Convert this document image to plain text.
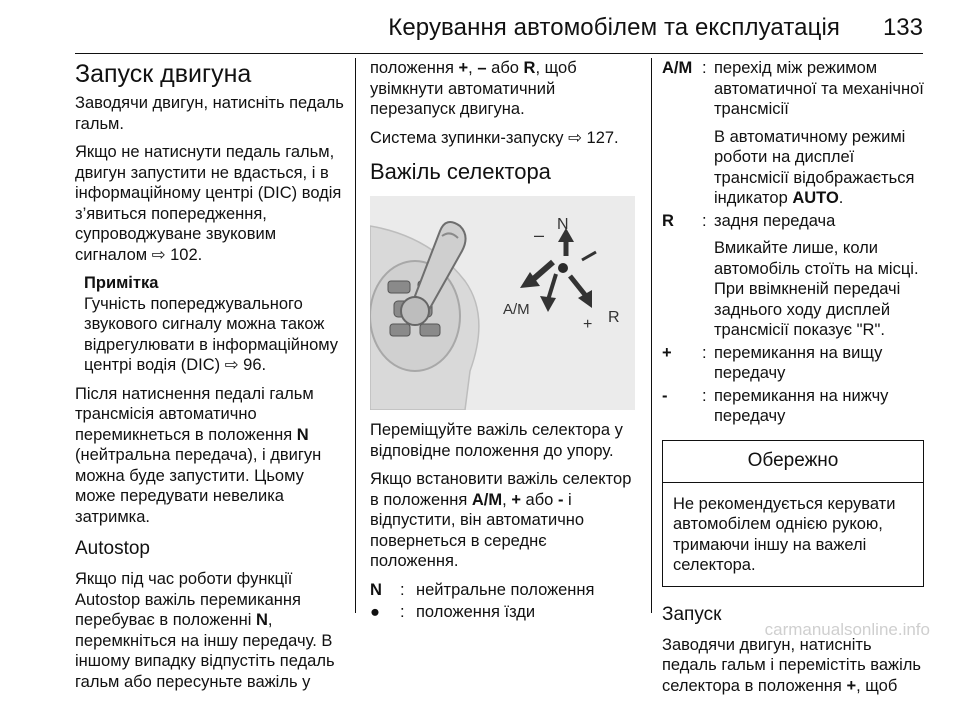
Керування автомобілем та експлуатація 133
Запуск двигуна

Заводячи двигун, натисніть педаль гальм.

Якщо не натиснути педаль гальм, двигун запустити не вдасться, і в інформаційному центрі (DIC) водія з’явиться попередження, супроводжуване звуковим сигналом ⇨ 102.

Примітка
Гучність попереджувального звукового сигналу можна також відрегулювати в інформаційному центрі водія (DIC) ⇨ 96.

Після натиснення педалі гальм трансмісія автоматично перемикнеться в положення N (нейтральна передача), і двигун можна буде запустити. Цьому може передувати невелика затримка.

Autostop

Якщо під час роботи функції Autostop важіль перемикання перебуває в положенні N, перемкніться на іншу передачу. В іншому випадку відпустіть педаль гальм або пересуньте важіль у

положення +, – або R, щоб увімкнути автоматичний перезапуск двигуна.

Система зупинки-запуску ⇨ 127.

Важіль селектора
N
–
A/M
+ R

Переміщуйте важіль селектора у відповідне положення до упору.

Якщо встановити важіль селектор в положення A/M, + або - і відпустити, він автоматично повернеться в середнє положення.

N	: нейтральне положення
●	: положення їзди
A/M : перехід між режимом автоматичної та механічної трансмісії
В автоматичному режимі роботи на дисплеї трансмісії відображається індикатор AUTO.
R	: задня передача
Вмикайте лише, коли автомобіль стоїть на місці. При ввімкненій передачі заднього ходу дисплей трансмісії показує "R".
+	: перемикання на вищу передачу
-	: перемикання на нижчу передачу
Обережно
Не рекомендується керувати автомобілем однією рукою, тримаючи іншу на важелі селектора.
Запуск

Заводячи двигун, натисніть педаль гальм і перемістіть важіль селектора в положення +, щоб

carmanualsonline.info
